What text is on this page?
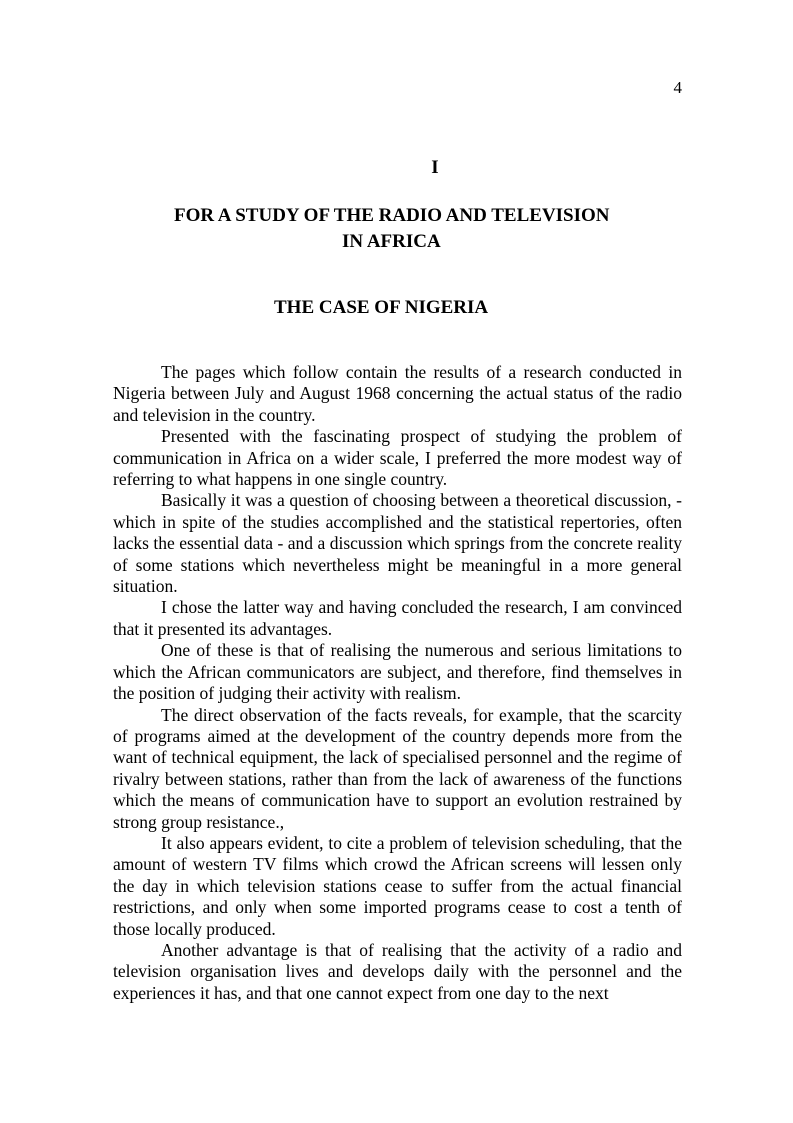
4
I
FOR A STUDY OF THE RADIO AND TELEVISION
IN AFRICA
THE CASE OF NIGERIA

The pages which follow contain the results of a research conducted in Nigeria between July and August 1968 concerning the actual status of the radio and television in the country.

Presented with the fascinating prospect of studying the problem of communication in Africa on a wider scale, I preferred the more modest way of referring to what happens in one single country.

Basically it was a question of choosing between a theoretical discussion, - which in spite of the studies accomplished and the statistical repertories, often lacks the essential data - and a discussion which springs from the concrete reality of some stations which nevertheless might be meaningful in a more general situation.

I chose the latter way and having concluded the research, I am convinced that it presented its advantages.

One of these is that of realising the numerous and serious limitations to which the African communicators are subject, and therefore, find themselves in the position of judging their activity with realism.

The direct observation of the facts reveals, for example, that the scarcity of programs aimed at the development of the country depends more from the want of technical equipment, the lack of specialised personnel and the regime of rivalry between stations, rather than from the lack of awareness of the functions which the means of communication have to support an evolution restrained by strong group resistance.,

It also appears evident, to cite a problem of television scheduling, that the amount of western TV films which crowd the African screens will lessen only the day in which television stations cease to suffer from the actual financial restrictions, and only when some imported programs cease to cost a tenth of those locally produced.

Another advantage is that of realising that the activity of a radio and television organisation lives and develops daily with the personnel and the experiences it has, and that one cannot expect from one day to the next
